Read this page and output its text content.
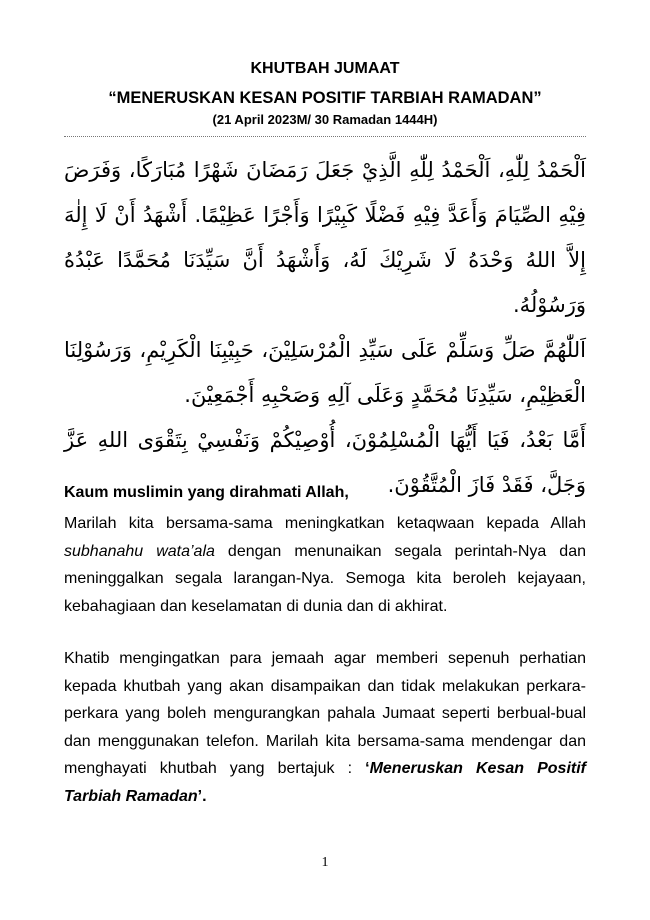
KHUTBAH JUMAAT
“MENERUSKAN KESAN POSITIF TARBIAH RAMADAN”
(21 April 2023M/ 30 Ramadan 1444H)

اَلْحَمْدُ لِلّٰهِ، اَلْحَمْدُ لِلّٰهِ الَّذِيْ جَعَلَ رَمَضَانَ شَهْرًا مُبَارَكًا، وَفَرَضَ فِيْهِ الصِّيَامَ وَأَعَدَّ فِيْهِ فَضْلًا كَبِيْرًا وَأَجْرًا عَظِيْمًا. أَشْهَدُ أَنْ لَا إِلٰهَ إِلاَّ اللهُ وَحْدَهُ لَا شَرِيْكَ لَهُ، وَأَشْهَدُ أَنَّ سَيِّدَنَا مُحَمَّدًا عَبْدُهُ وَرَسُوْلُهُ.

اَللّٰهُمَّ صَلِّ وَسَلِّمْ عَلَى سَيِّدِ الْمُرْسَلِيْنَ، حَبِيْبِنَا الْكَرِيْمِ، وَرَسُوْلِنَا الْعَظِيْمِ، سَيِّدِنَا مُحَمَّدٍ وَعَلَى آلِهِ وَصَحْبِهِ أَجْمَعِيْنَ.

أَمَّا بَعْدُ، فَيَا أَيُّهَا الْمُسْلِمُوْنَ، أُوْصِيْكُمْ وَنَفْسِيْ بِتَقْوَى اللهِ عَزَّ وَجَلَّ، فَقَدْ فَازَ الْمُتَّقُوْنَ.

Kaum muslimin yang dirahmati Allah,
Marilah kita bersama-sama meningkatkan ketaqwaan kepada Allah subhanahu wata’ala dengan menunaikan segala perintah-Nya dan meninggalkan segala larangan-Nya. Semoga kita beroleh kejayaan, kebahagiaan dan keselamatan di dunia dan di akhirat.
Khatib mengingatkan para jemaah agar memberi sepenuh perhatian kepada khutbah yang akan disampaikan dan tidak melakukan perkara-perkara yang boleh mengurangkan pahala Jumaat seperti berbual-bual dan menggunakan telefon. Marilah kita bersama-sama mendengar dan menghayati khutbah yang bertajuk : ‘Meneruskan Kesan Positif Tarbiah Ramadan’.
1
